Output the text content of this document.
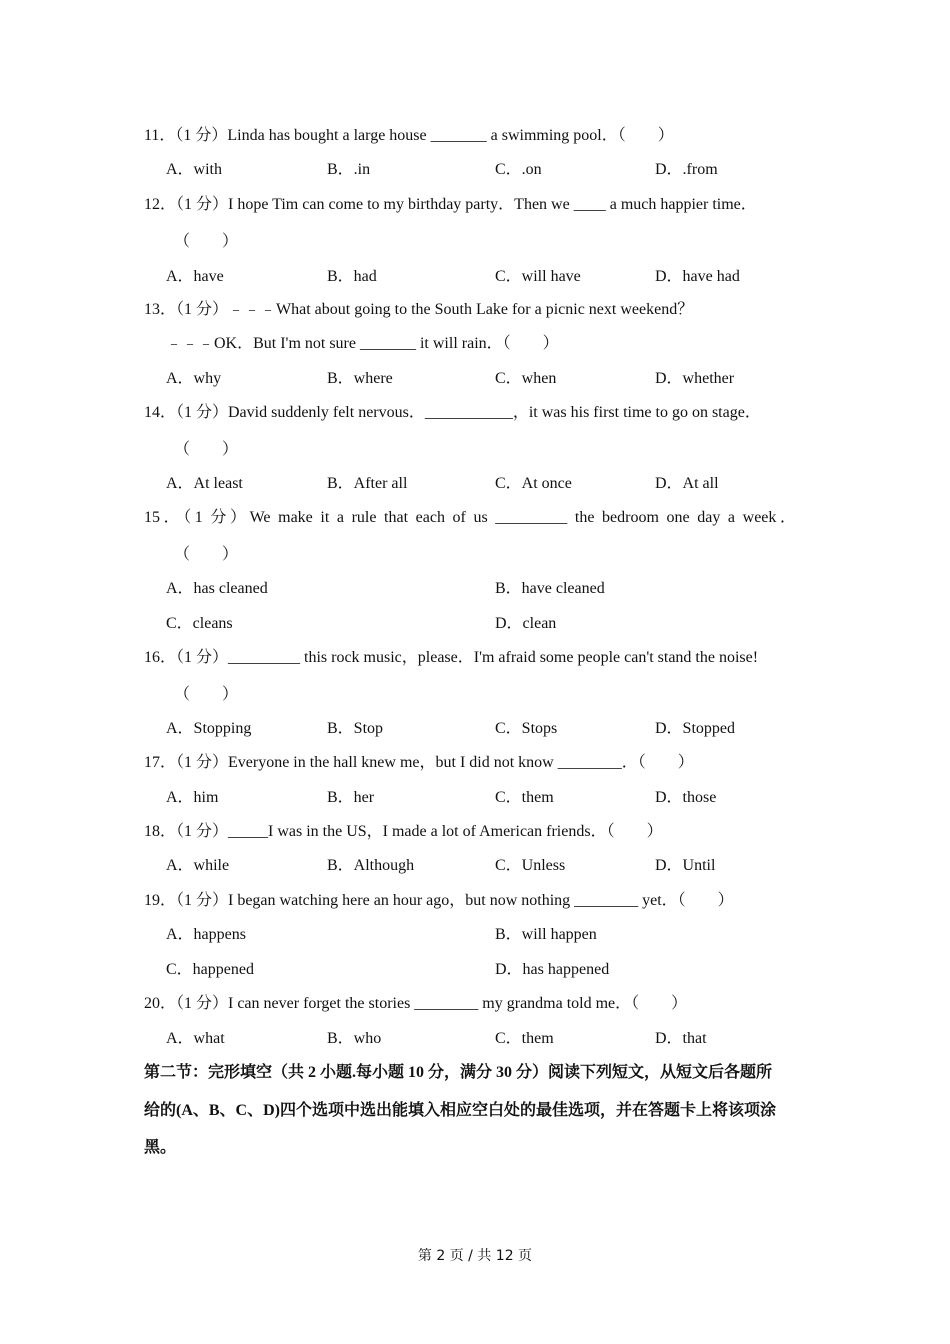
11．（1 分）Linda has bought a large house _______ a swimming pool．（　　）
A．with	B．.in	C．.on	D．.from
12．（1 分）I hope Tim can come to my birthday party．Then we ____ a much happier time．
（　　）
A．have	B．had	C．will have	D．have had
13．（1 分）﹣﹣﹣What about going to the South Lake for a picnic next weekend？
﹣﹣﹣OK．But I'm not sure _______ it will rain．（　　）
A．why	B．where	C．when	D．whether
14．（1 分）David suddenly felt nervous．___________，it was his first time to go on stage．
（　　）
A．At least	B．After all	C．At once	D．At all
15．（1 分）We make it a rule that each of us _________ the bedroom one day a week．
（　　）
A．has cleaned	B．have cleaned
C．cleans	D．clean
16．（1 分）_________ this rock music，please．I'm afraid some people can't stand the noise!
（　　）
A．Stopping	B．Stop	C．Stops	D．Stopped
17．（1 分）Everyone in the hall knew me，but I did not know ________．（　　）
A．him	B．her	C．them	D．those
18．（1 分）_____I was in the US，I made a lot of American friends．（　　）
A．while	B．Although	C．Unless	D．Until
19．（1 分）I began watching here an hour ago，but now nothing ________ yet．（　　）
A．happens	B．will happen
C．happened	D．has happened
20．（1 分）I can never forget the stories ________ my grandma told me．（　　）
A．what	B．who	C．them	D．that
第二节：完形填空（共 2 小题.每小题 10 分，满分 30 分）阅读下列短文，从短文后各题所
给的(A、B、C、D)四个选项中选出能填入相应空白处的最佳选项，并在答题卡上将该项涂
黑。
第 2 页 / 共 12 页
